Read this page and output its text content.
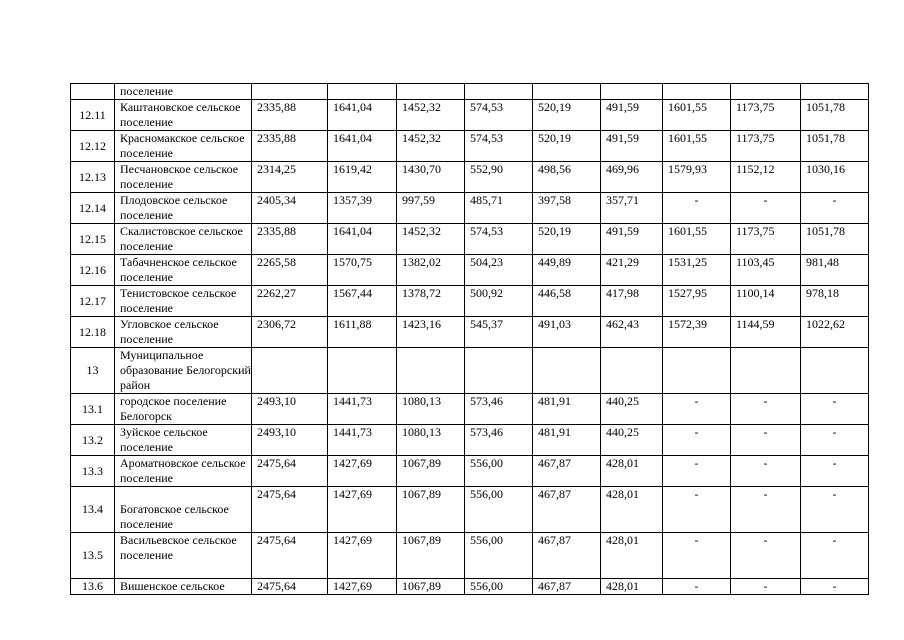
	поселение									
12.11	Каштановское сельское поселение	2335,88	1641,04	1452,32	574,53	520,19	491,59	1601,55	1173,75	1051,78
12.12	Красномакское сельское поселение	2335,88	1641,04	1452,32	574,53	520,19	491,59	1601,55	1173,75	1051,78
12.13	Песчановское сельское поселение	2314,25	1619,42	1430,70	552,90	498,56	469,96	1579,93	1152,12	1030,16
12.14	Плодовское сельское поселение	2405,34	1357,39	997,59	485,71	397,58	357,71	-	-	-
12.15	Скалистовское сельское поселение	2335,88	1641,04	1452,32	574,53	520,19	491,59	1601,55	1173,75	1051,78
12.16	Табачненское сельское поселение	2265,58	1570,75	1382,02	504,23	449,89	421,29	1531,25	1103,45	981,48
12.17	Тенистовское сельское поселение	2262,27	1567,44	1378,72	500,92	446,58	417,98	1527,95	1100,14	978,18
12.18	Угловское сельское поселение	2306,72	1611,88	1423,16	545,37	491,03	462,43	1572,39	1144,59	1022,62
13	Муниципальное образование Белогорский район									
13.1	городское поселение Белогорск	2493,10	1441,73	1080,13	573,46	481,91	440,25	-	-	-
13.2	Зуйское сельское поселение	2493,10	1441,73	1080,13	573,46	481,91	440,25	-	-	-
13.3	Ароматновское сельское поселение	2475,64	1427,69	1067,89	556,00	467,87	428,01	-	-	-
13.4	Богатовское сельское поселение	2475,64	1427,69	1067,89	556,00	467,87	428,01	-	-	-
13.5	Васильевское сельское поселение	2475,64	1427,69	1067,89	556,00	467,87	428,01	-	-	-
13.6	Вишенское сельское	2475,64	1427,69	1067,89	556,00	467,87	428,01	-	-	-
